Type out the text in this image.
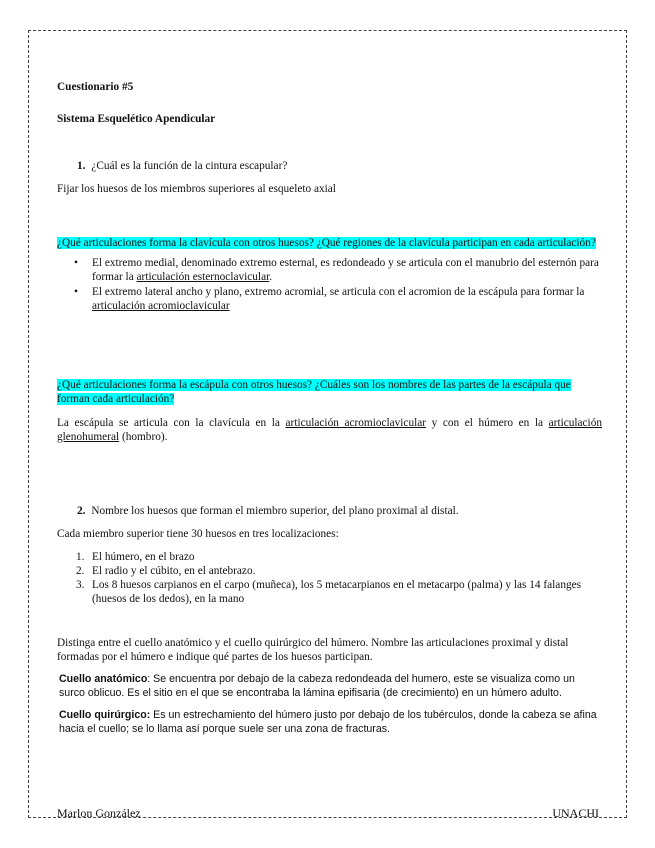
Cuestionario #5

Sistema Esquelético Apendicular

1. ¿Cuál es la función de la cintura escapular?

Fijar los huesos de los miembros superiores al esqueleto axial

¿Qué articulaciones forma la clavícula con otros huesos? ¿Qué regiones de la clavícula participan en cada articulación?

• El extremo medial, denominado extremo esternal, es redondeado y se articula con el manubrio del esternón para formar la articulación esternoclavicular.
• El extremo lateral ancho y plano, extremo acromial, se articula con el acromion de la escápula para formar la articulación acromioclavicular

¿Qué articulaciones forma la escápula con otros huesos? ¿Cuáles son los nombres de las partes de la escápula que forman cada articulación?

La escápula se articula con la clavícula en la articulación acromioclavicular y con el húmero en la articulación glenohumeral (hombro).

2. Nombre los huesos que forman el miembro superior, del plano proximal al distal.

Cada miembro superior tiene 30 huesos en tres localizaciones:

1. El húmero, en el brazo
2. El radio y el cúbito, en el antebrazo.
3. Los 8 huesos carpianos en el carpo (muñeca), los 5 metacarpianos en el metacarpo (palma) y las 14 falanges (huesos de los dedos), en la mano

Distinga entre el cuello anatómico y el cuello quirúrgico del húmero. Nombre las articulaciones proximal y distal formadas por el húmero e indique qué partes de los huesos participan.

Cuello anatómico: Se encuentra por debajo de la cabeza redondeada del humero, este se visualiza como un surco oblicuo. Es el sitio en el que se encontraba la lámina epifisaria (de crecimiento) en un húmero adulto.

Cuello quirúrgico: Es un estrechamiento del húmero justo por debajo de los tubérculos, donde la cabeza se afina hacia el cuello; se lo llama así porque suele ser una zona de fracturas.

Marlon González	UNACHI
